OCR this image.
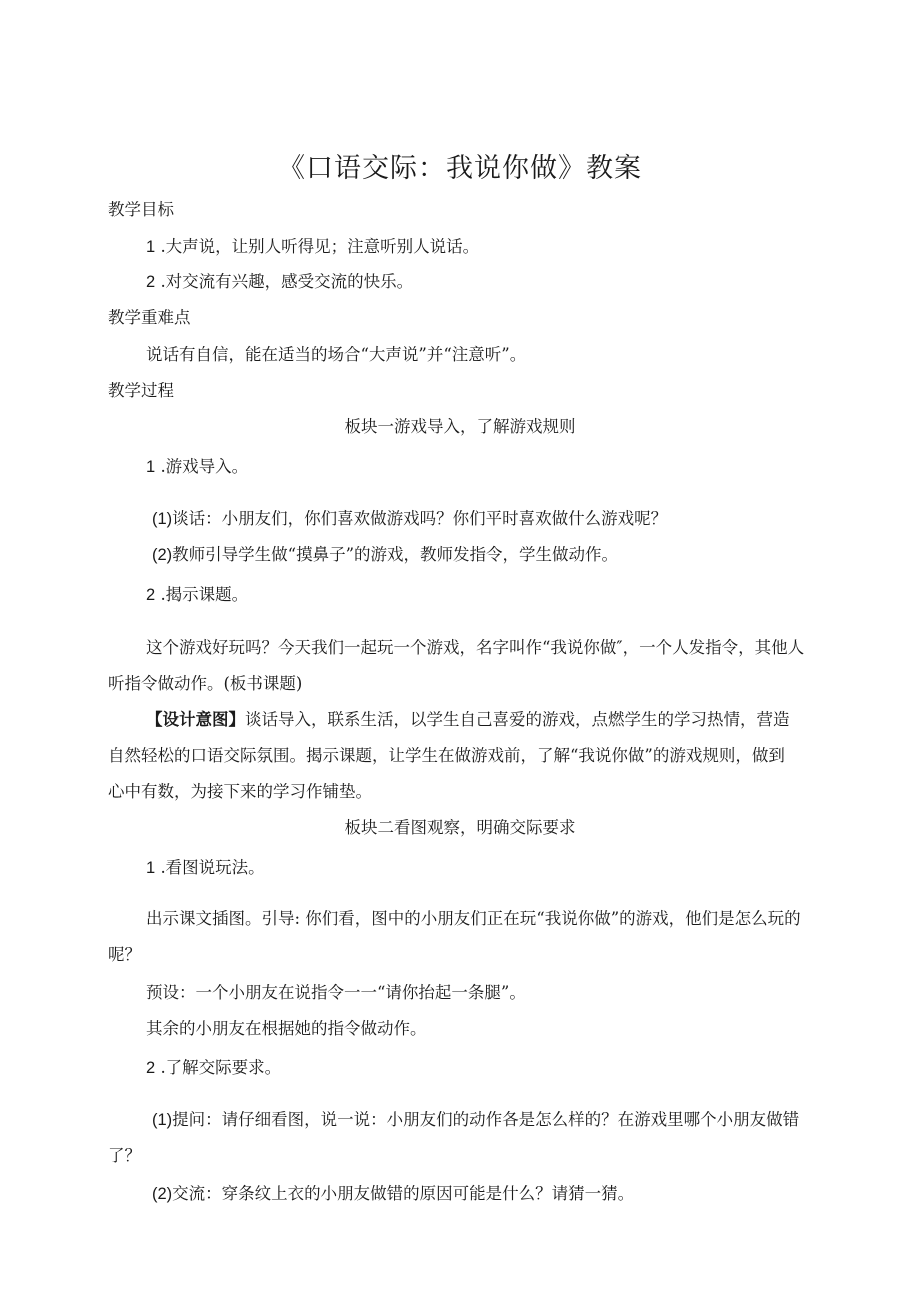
《口语交际：我说你做》教案

教学目标

1 .大声说，让别人听得见；注意听别人说话。

2 .对交流有兴趣，感受交流的快乐。

教学重难点

说话有自信，能在适当的场合“大声说”并“注意听”。

教学过程

板块一游戏导入，了解游戏规则

1 .游戏导入。

(1)谈话：小朋友们，你们喜欢做游戏吗？你们平时喜欢做什么游戏呢？

(2)教师引导学生做“摸鼻子”的游戏，教师发指令，学生做动作。

2 .揭示课题。

这个游戏好玩吗？今天我们一起玩一个游戏，名字叫作“我说你做″，一个人发指令，其他人

听指令做动作。(板书课题)

【设计意图】谈话导入，联系生活，以学生自己喜爱的游戏，点燃学生的学习热情，营造

自然轻松的口语交际氛围。揭示课题，让学生在做游戏前，了解“我说你做”的游戏规则，做到

心中有数，为接下来的学习作铺垫。

板块二看图观察，明确交际要求

1 .看图说玩法。

出示课文插图。引导: 你们看，图中的小朋友们正在玩“我说你做”的游戏，他们是怎么玩的

呢？

预设：一个小朋友在说指令一一“请你抬起一条腿”。

其余的小朋友在根据她的指令做动作。

2 .了解交际要求。

(1)提问：请仔细看图，说一说：小朋友们的动作各是怎么样的？在游戏里哪个小朋友做错

了？

(2)交流：穿条纹上衣的小朋友做错的原因可能是什么？请猜一猜。
